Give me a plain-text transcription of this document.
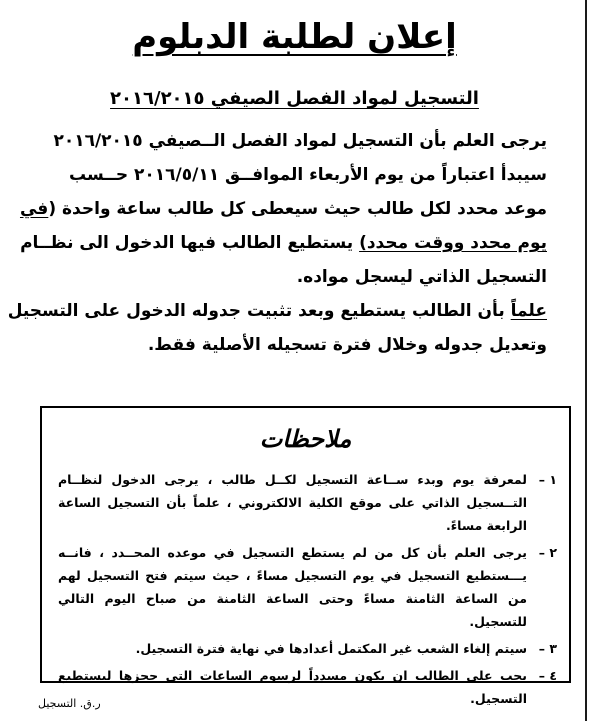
إعلان لطلبة الدبلوم
التسجيل لمواد الفصل الصيفي ٢٠١٦/٢٠١٥
يرجى العلم بأن التسجيل لمواد الفصل الــصيفي ٢٠١٦/٢٠١٥
سيبدأ اعتباراً من يوم الأربعاء الموافــق ٢٠١٦/٥/١١ حــسب
موعد محدد لكل طالب حيث سيعطى كل طالب ساعة واحدة (في
يوم محدد ووقت محدد) يستطيع الطالب فيها الدخول الى نظــام
التسجيل الذاتي ليسجل مواده.
علماً بأن الطالب يستطيع وبعد تثبيت جدوله الدخول على التسجيل
وتعديل جدوله وخلال فترة تسجيله الأصلية فقط.
ملاحظات
١ –
لمعرفة يوم وبدء ســاعة التسجيل لكــل طالب ، يرجى الدخول لنظــام التــسجيل الذاتي على موقع الكلية الالكتروني ، علماً بأن التسجيل الساعة الرابعة مساءً.
٢ –
يرجى العلم بأن كل من لم يستطع التسجيل في موعده المحــدد ، فانــه يـــستطيع التسجيل في يوم التسجيل مساءً ، حيث سيتم فتح التسجيل لهم من الساعة الثامنة مساءً وحتى الساعة الثامنة من صباح اليوم التالي للتسجيل.
٣ –
سيتم إلغاء الشعب غير المكتمل أعدادها في نهاية فترة التسجيل.
٤ –
يجب على الطالب ان يكون مسدداً لرسوم الساعات التي حجزها ليستطيع التسجيل.
ر.ق. التسجيل
